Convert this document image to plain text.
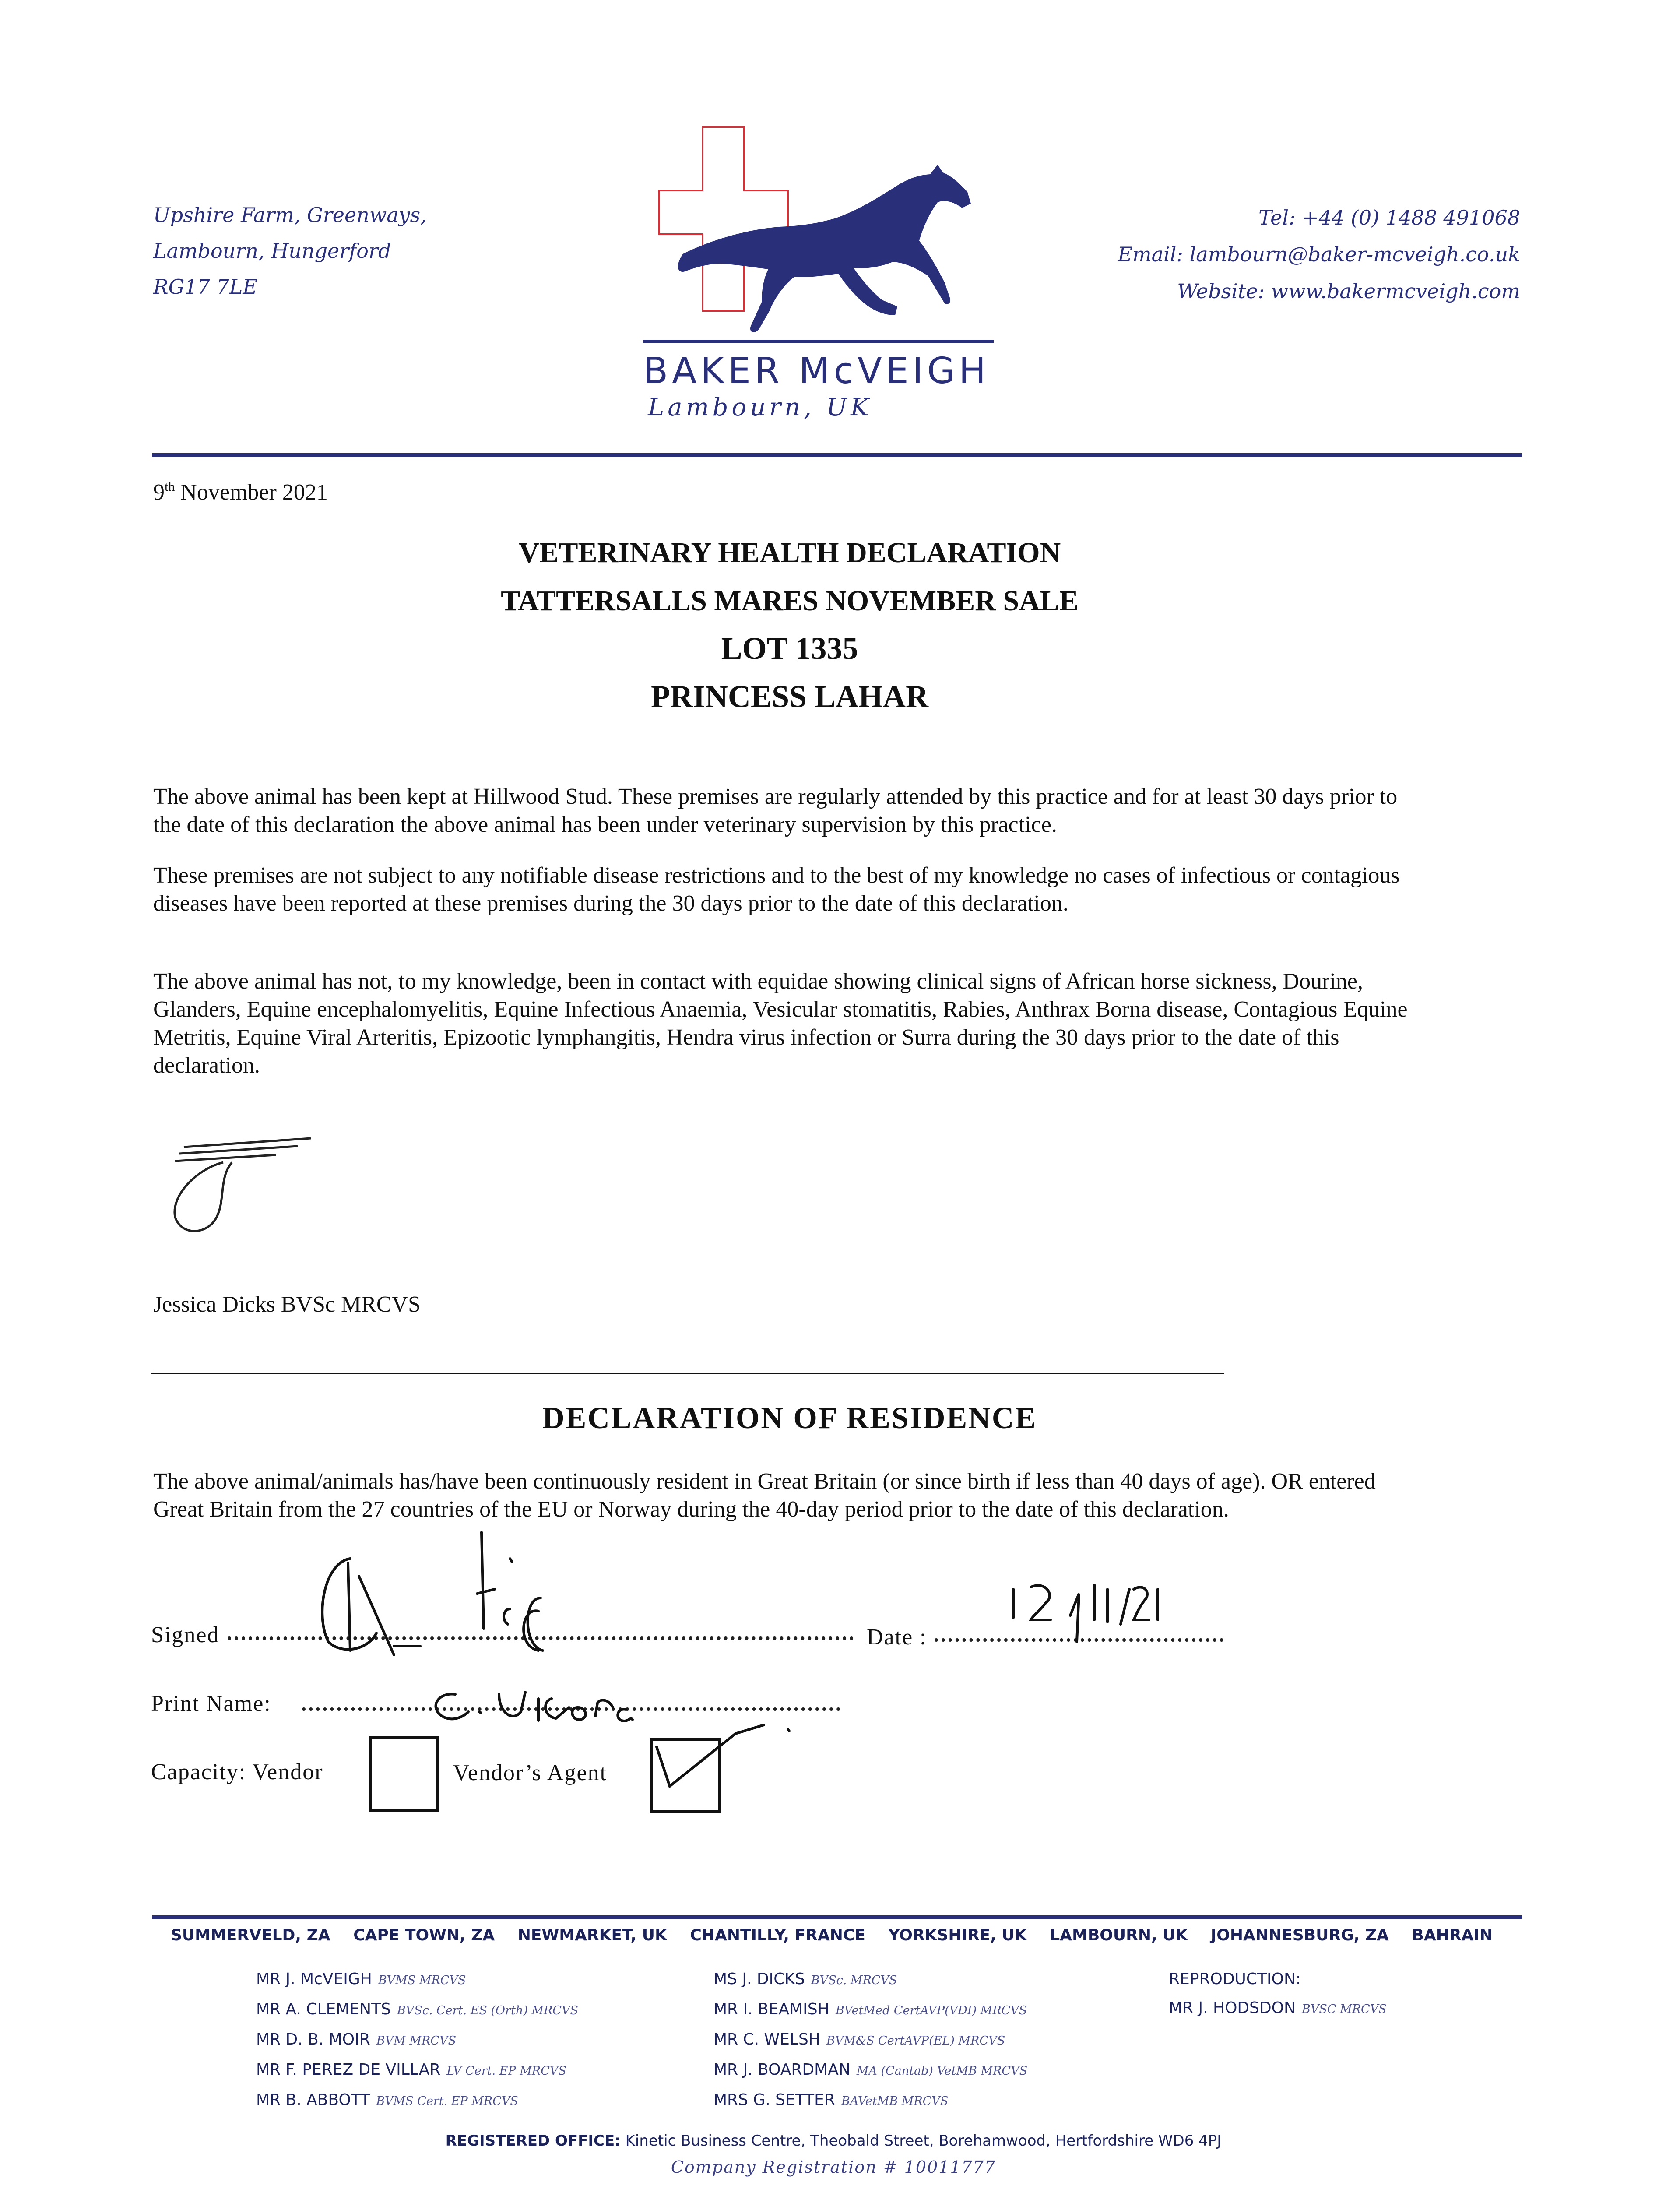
Upshire Farm, Greenways,
Lambourn, Hungerford
RG17 7LE
BAKER McVEIGH
Lambourn, UK
Tel: +44 (0) 1488 491068
Email: lambourn@baker-mcveigh.co.uk
Website: www.bakermcveigh.com
9th November 2021
VETERINARY HEALTH DECLARATION
TATTERSALLS MARES NOVEMBER SALE
LOT 1335
PRINCESS LAHAR
The above animal has been kept at Hillwood Stud. These premises are regularly attended by this practice and for at least 30 days prior to the date of this declaration the above animal has been under veterinary supervision by this practice.
These premises are not subject to any notifiable disease restrictions and to the best of my knowledge no cases of infectious or contagious diseases have been reported at these premises during the 30 days prior to the date of this declaration.
The above animal has not, to my knowledge, been in contact with equidae showing clinical signs of African horse sickness, Dourine, Glanders, Equine encephalomyelitis, Equine Infectious Anaemia, Vesicular stomatitis, Rabies, Anthrax Borna disease, Contagious Equine Metritis, Equine Viral Arteritis, Epizootic lymphangitis, Hendra virus infection or Surra during the 30 days prior to the date of this declaration.
Jessica Dicks BVSc MRCVS
DECLARATION OF RESIDENCE
The above animal/animals has/have been continuously resident in Great Britain (or since birth if less than 40 days of age). OR entered Great Britain from the 27 countries of the EU or Norway during the 40-day period prior to the date of this declaration.
Signed	Date :
Print Name:
Capacity: Vendor	Vendor’s Agent
SUMMERVELD, ZA CAPE TOWN, ZA NEWMARKET, UK CHANTILLY, FRANCE YORKSHIRE, UK LAMBOURN, UK JOHANNESBURG, ZA BAHRAIN
MR J. McVEIGH BVMS MRCVS
MR A. CLEMENTS BVSc. Cert. ES (Orth) MRCVS
MR D. B. MOIR BVM MRCVS
MR F. PEREZ DE VILLAR LV Cert. EP MRCVS
MR B. ABBOTT BVMS Cert. EP MRCVS
MS J. DICKS BVSc. MRCVS
MR I. BEAMISH BVetMed CertAVP(VDI) MRCVS
MR C. WELSH BVM&S CertAVP(EL) MRCVS
MR J. BOARDMAN MA (Cantab) VetMB MRCVS
MRS G. SETTER BAVetMB MRCVS
REPRODUCTION:
MR J. HODSDON BVSC MRCVS
REGISTERED OFFICE: Kinetic Business Centre, Theobald Street, Borehamwood, Hertfordshire WD6 4PJ
Company Registration # 10011777
